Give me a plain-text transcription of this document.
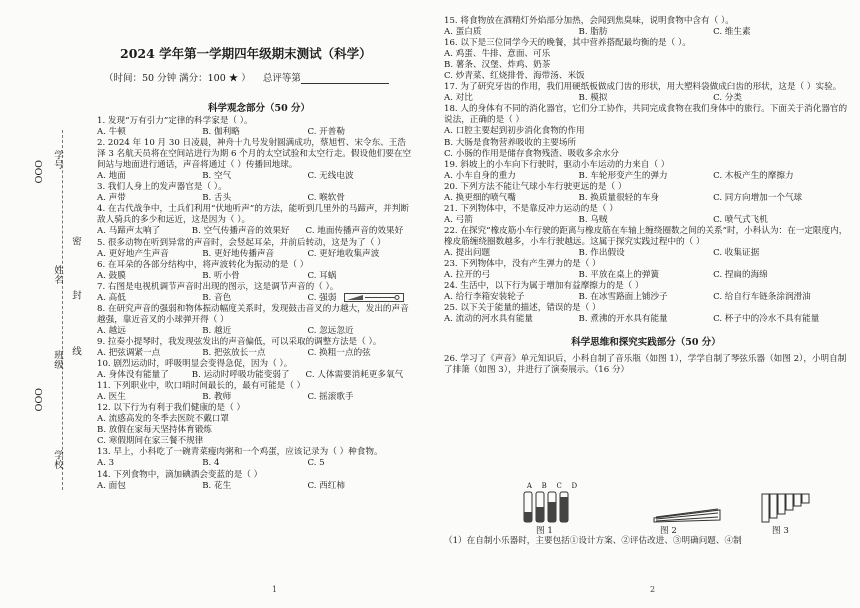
2024 学年第一学期四年级期末测试（科学）
（时间：50 分钟 满分：100 ★ ） 总评等第
学号
OOO
姓名
密
封
班级 线
OOO
学校
科学观念部分（50 分）
1. 发现“万有引力”定律的科学家是（ ）。
A. 牛顿	B. 伽利略	C. 开普勒
2. 2024 年 10 月 30 日凌晨，神舟十九号发射圆满成功，蔡旭哲、宋令东、王浩泽 3 名航天员将在空间站进行为期 6 个月的太空试验和太空行走。假设他们要在空间站与地面进行通话，声音将通过（ ）传播回地球。
A. 地面	B. 空气	C. 无线电波
3. 我们人身上的发声器官是（ ）。
A. 声带	B. 舌头	C. 喉软骨
4. 在古代战争中，士兵们利用“伏地听声”的方法，能听到几里外的马蹄声，并判断敌人骑兵的多少和远近，这是因为（ ）。
A. 马蹄声太响了	B. 空气传播声音的效果好	C. 地面传播声音的效果好
5. 很多动物在听到异常的声音时，会竖起耳朵，并前后转动，这是为了（ ）
A. 更好地产生声音	B. 更好地传播声音	C. 更好地收集声波
6. 在耳朵的各部分结构中，将声波转化为振动的是（ ）
A. 鼓膜	B. 听小骨	C. 耳蜗
7. 右图是电视机调节声音时出现的图示，这是调节声音的（ ）。
A. 高低	B. 音色	C. 强弱
8. 在研究声音的强弱和物体振动幅度关系时，发现鼓击音叉的力越大，发出的声音越强，靠近音叉的小球弹开得（ ）
A. 越远	B. 越近	C. 忽远忽近
9. 拉奏小提琴时，我发现弦发出的声音偏低，可以采取的调整方法是（ ）。
A. 把弦调紧一点	B. 把弦放长一点	C. 换粗一点的弦
10. 剧烈运动时，呼吸明显会变得急促，因为（ ）。
A. 身体没有能量了	B. 运动时呼吸功能变弱了	C. 人体需要消耗更多氧气
11. 下列职业中，吹口哨时间最长的，最有可能是（ ）
A. 医生	B. 教师	C. 摇滚歌手
12. 以下行为有利于我们健康的是（ ）
A. 流感高发的冬季去医院不戴口罩
B. 放假在家每天坚持体育锻炼
C. 寒假期间在家三餐不规律
13. 早上，小科吃了一碗青菜瘦肉粥和一个鸡蛋，应该记录为（ ）种食物。
A. 3	B. 4	C. 5
14. 下列食物中，滴加碘酒会变蓝的是（ ）
A. 面包	B. 花生	C. 西红柿
1
15. 将食物放在酒精灯外焰部分加热，会闻到焦臭味，说明食物中含有（ ）。
A. 蛋白质	B. 脂肪	C. 维生素
16. 以下是三位同学今天的晚餐，其中营养搭配最均衡的是（ ）。
A. 鸡蛋、牛排、意面、可乐
B. 薯条、汉堡、炸鸡、奶茶
C. 炒青菜、红烧排骨、海带汤、米饭
17. 为了研究牙齿的作用，我们用硬纸板做成门齿的形状，用大塑料袋做成臼齿的形状，这是（ ）实验。
A. 对比	B. 模拟	C. 分类
18. 人的身体有不同的消化器官，它们分工协作，共同完成食物在我们身体中的旅行。下面关于消化器官的说法，正确的是（ ）
A. 口腔主要起到初步消化食物的作用
B. 大肠是食物营养吸收的主要场所
C. 小肠的作用是储存食物残渣、吸收多余水分
19. 斜坡上的小车向下行驶时，驱动小车运动的力来自（ ）
A. 小车自身的重力	B. 车轮形变产生的弹力	C. 木板产生的摩擦力
20. 下列方法不能让气球小车行驶更远的是（ ）
A. 换更细的喷气嘴	B. 换质量很轻的车身	C. 同方向增加一个气球
21. 下列物体中，不是靠反冲力运动的是（ ）
A. 弓箭	B. 乌贼	C. 喷气式飞机
22. 在探究“橡皮筋小车行驶的距离与橡皮筋在车轴上缠绕圈数之间的关系”时，小科认为：在一定限度内，橡皮筋缠绕圈数越多，小车行驶越远。这属于探究实践过程中的（ ）
A. 提出问题	B. 作出假设	C. 收集证据
23. 下列物体中，没有产生弹力的是（ ）
A. 拉开的弓	B. 平放在桌上的弹簧	C. 捏扁的海绵
24. 生活中，以下行为属于增加有益摩擦力的是（ ）
A. 给行李箱安装轮子	B. 在冰雪路面上铺沙子	C. 给自行车链条涂润滑油
25. 以下关于能量的描述，错误的是（ ）
A. 流动的河水具有能量	B. 煮沸的开水具有能量	C. 杯子中的冷水不具有能量
科学思维和探究实践部分（50 分）
26. 学习了《声音》单元知识后，小科自制了音乐瓶（如图 1），学学自制了琴弦乐器（如图 2），小明自制了排箫（如图 3），并进行了演奏展示。（16 分）
A B C D
图 1	图 2	图 3
（1）在自制小乐器时，主要包括①设计方案、②评估改进、③明确问题、④制
2
